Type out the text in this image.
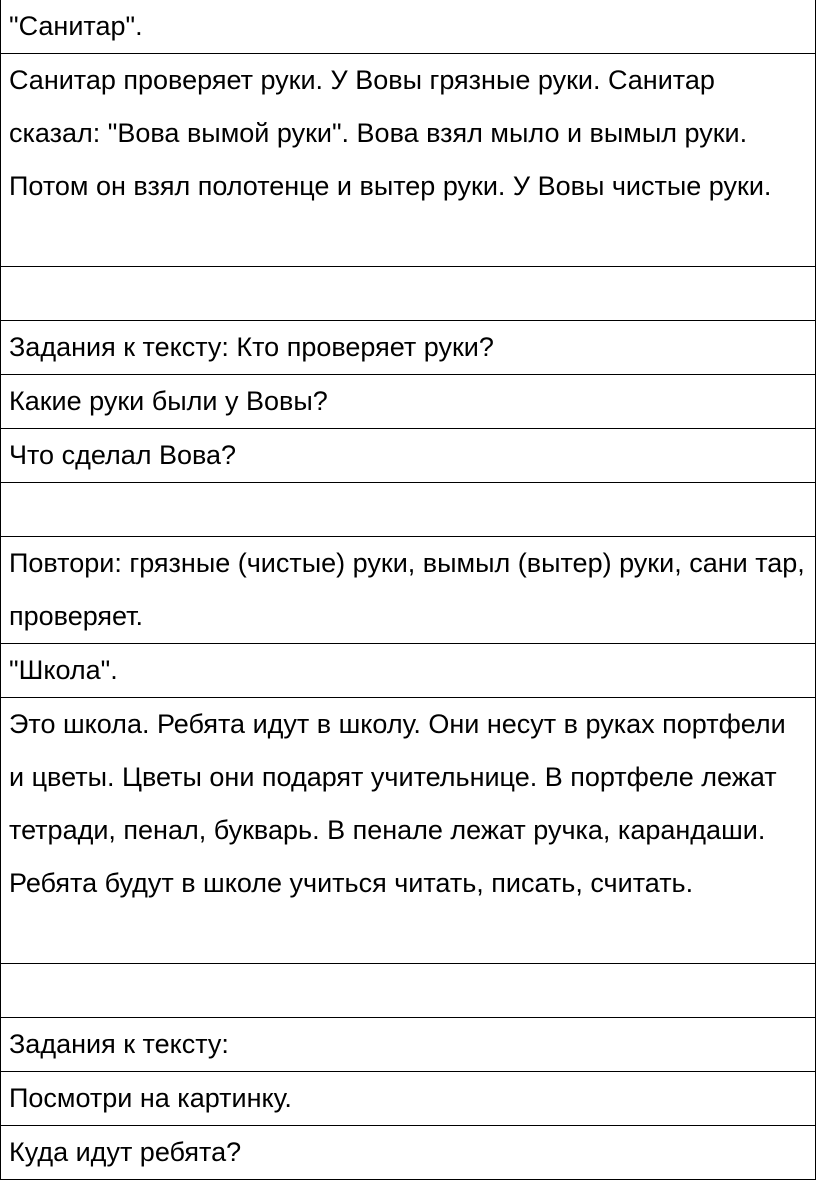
"Санитар".
Санитар проверяет руки. У Вовы грязные руки. Санитар сказал: "Вова вымой руки". Вова взял мыло и вымыл руки. Потом он взял полотенце и вытер руки. У Вовы чистые руки.

Задания к тексту: Кто проверяет руки?
Какие руки были у Вовы?
Что сделал Вова?

Повтори: грязные (чистые) руки, вымыл (вытер) руки, сани тар, проверяет.
"Школа".
Это школа. Ребята идут в школу. Они несут в руках портфели и цветы. Цветы они подарят учительнице. В портфеле лежат тетради, пенал, букварь. В пенале лежат ручка, карандаши. Ребята будут в школе учиться читать, писать, считать.

Задания к тексту:
Посмотри на картинку.
Куда идут ребята?
